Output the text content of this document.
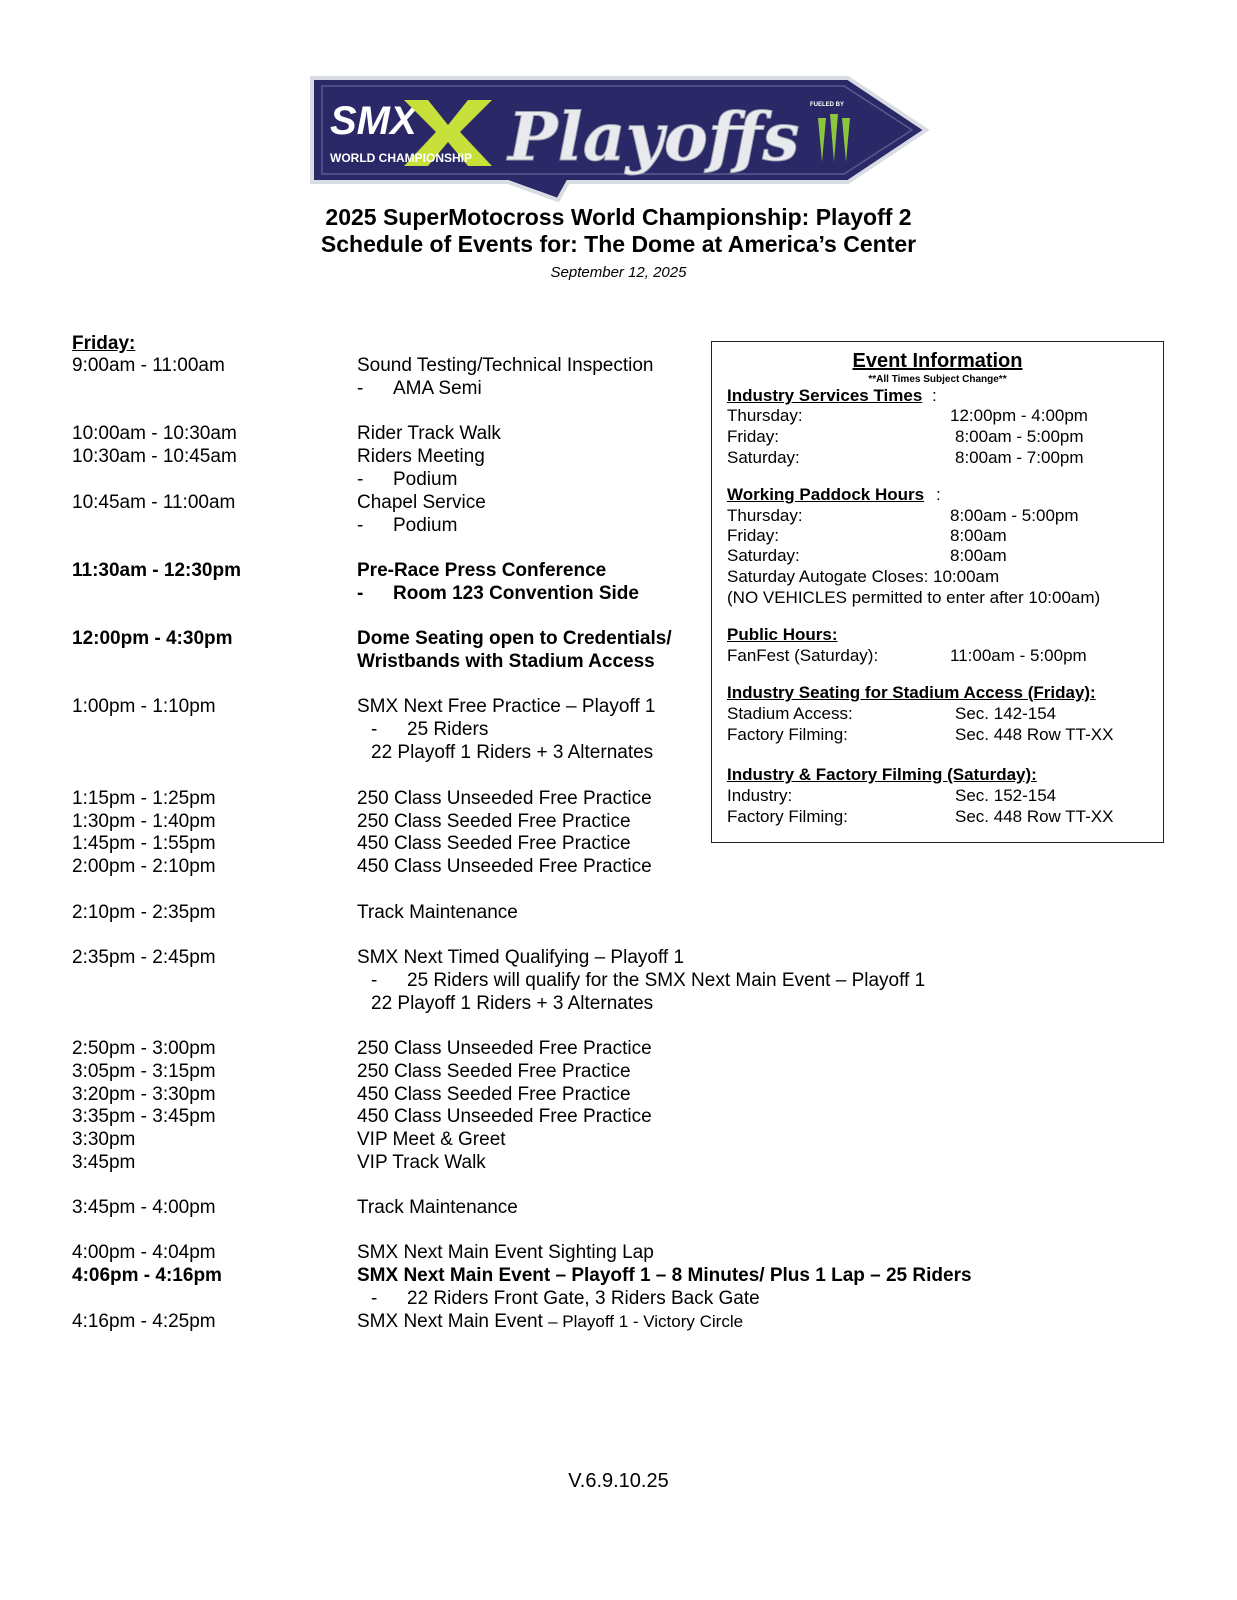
SMX
WORLD CHAMPIONSHIP Playoffs FUELED BY
2025 SuperMotocross World Championship: Playoff 2
Schedule of Events for: The Dome at America’s Center
September 12, 2025
Friday:
9:00am - 11:00am	Sound Testing/Technical Inspection
- AMA Semi
10:00am - 10:30am	Rider Track Walk
10:30am - 10:45am	Riders Meeting
- Podium
10:45am - 11:00am	Chapel Service
- Podium
11:30am - 12:30pm	Pre-Race Press Conference
- Room 123 Convention Side
12:00pm - 4:30pm	Dome Seating open to Credentials/
Wristbands with Stadium Access
1:00pm - 1:10pm	SMX Next Free Practice – Playoff 1
- 25 Riders
22 Playoff 1 Riders + 3 Alternates
1:15pm - 1:25pm	250 Class Unseeded Free Practice
1:30pm - 1:40pm	250 Class Seeded Free Practice
1:45pm - 1:55pm	450 Class Seeded Free Practice
2:00pm - 2:10pm	450 Class Unseeded Free Practice
2:10pm - 2:35pm	Track Maintenance
2:35pm - 2:45pm	SMX Next Timed Qualifying – Playoff 1
- 25 Riders will qualify for the SMX Next Main Event – Playoff 1
22 Playoff 1 Riders + 3 Alternates
2:50pm - 3:00pm	250 Class Unseeded Free Practice
3:05pm - 3:15pm	250 Class Seeded Free Practice
3:20pm - 3:30pm	450 Class Seeded Free Practice
3:35pm - 3:45pm	450 Class Unseeded Free Practice
3:30pm	VIP Meet & Greet
3:45pm	VIP Track Walk
3:45pm - 4:00pm	Track Maintenance
4:00pm - 4:04pm	SMX Next Main Event Sighting Lap
4:06pm - 4:16pm	SMX Next Main Event – Playoff 1 – 8 Minutes/ Plus 1 Lap – 25 Riders
- 22 Riders Front Gate, 3 Riders Back Gate
4:16pm - 4:25pm	SMX Next Main Event – Playoff 1 - Victory Circle
Event Information
**All Times Subject Change**
Industry Services Times :
Thursday:	12:00pm - 4:00pm
Friday:	8:00am - 5:00pm
Saturday:	8:00am - 7:00pm
Working Paddock Hours :
Thursday:	8:00am - 5:00pm
Friday:	8:00am
Saturday:	8:00am
Saturday Autogate Closes: 10:00am
(NO VEHICLES permitted to enter after 10:00am)
Public Hours:
FanFest (Saturday):	11:00am - 5:00pm
Industry Seating for Stadium Access (Friday):
Stadium Access:	Sec. 142-154
Factory Filming:	Sec. 448 Row TT-XX
Industry & Factory Filming (Saturday):
Industry:	Sec. 152-154
Factory Filming:	Sec. 448 Row TT-XX
V.6.9.10.25
